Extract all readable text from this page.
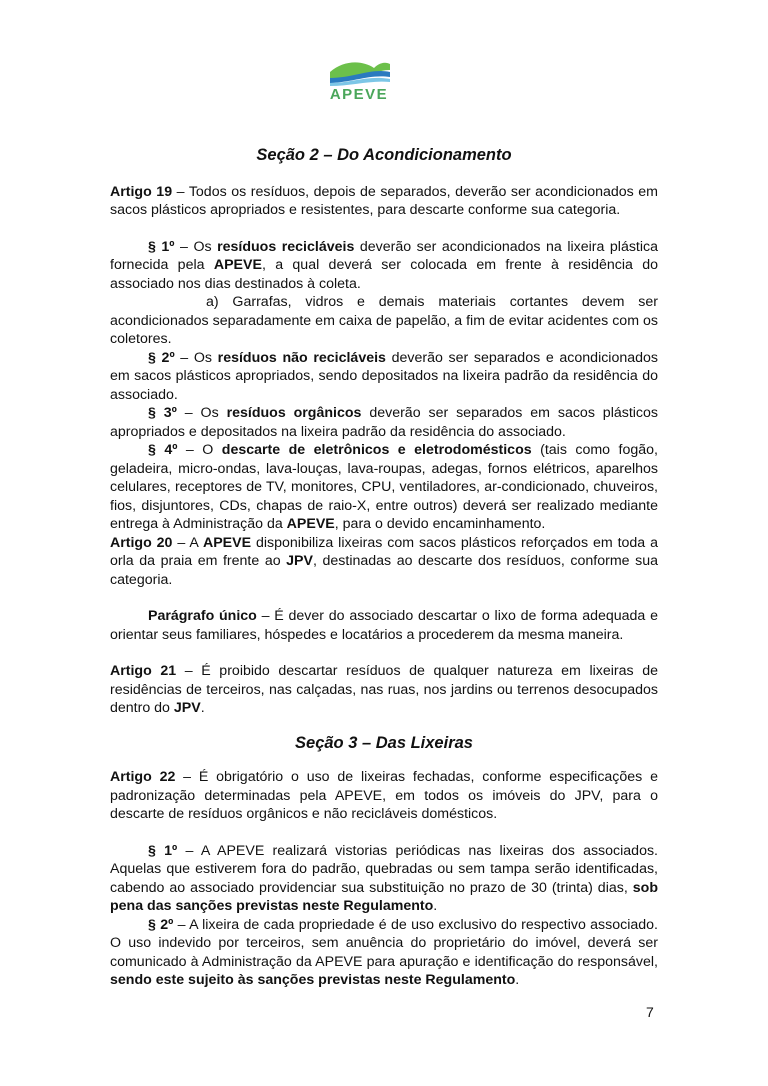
APEVE
Seção 2 – Do Acondicionamento

Artigo 19 – Todos os resíduos, depois de separados, deverão ser acondicionados em sacos plásticos apropriados e resistentes, para descarte conforme sua categoria.

§ 1º – Os resíduos recicláveis deverão ser acondicionados na lixeira plástica fornecida pela APEVE, a qual deverá ser colocada em frente à residência do associado nos dias destinados à coleta.

a) Garrafas, vidros e demais materiais cortantes devem ser acondicionados separadamente em caixa de papelão, a fim de evitar acidentes com os coletores.

§ 2º – Os resíduos não recicláveis deverão ser separados e acondicionados em sacos plásticos apropriados, sendo depositados na lixeira padrão da residência do associado.

§ 3º – Os resíduos orgânicos deverão ser separados em sacos plásticos apropriados e depositados na lixeira padrão da residência do associado.

§ 4º – O descarte de eletrônicos e eletrodomésticos (tais como fogão, geladeira, micro-ondas, lava-louças, lava-roupas, adegas, fornos elétricos, aparelhos celulares, receptores de TV, monitores, CPU, ventiladores, ar-condicionado, chuveiros, fios, disjuntores, CDs, chapas de raio-X, entre outros) deverá ser realizado mediante entrega à Administração da APEVE, para o devido encaminhamento.

Artigo 20 – A APEVE disponibiliza lixeiras com sacos plásticos reforçados em toda a orla da praia em frente ao JPV, destinadas ao descarte dos resíduos, conforme sua categoria.

Parágrafo único – É dever do associado descartar o lixo de forma adequada e orientar seus familiares, hóspedes e locatários a procederem da mesma maneira.

Artigo 21 – É proibido descartar resíduos de qualquer natureza em lixeiras de residências de terceiros, nas calçadas, nas ruas, nos jardins ou terrenos desocupados dentro do JPV.

Seção 3 – Das Lixeiras

Artigo 22 – É obrigatório o uso de lixeiras fechadas, conforme especificações e padronização determinadas pela APEVE, em todos os imóveis do JPV, para o descarte de resíduos orgânicos e não recicláveis domésticos.

§ 1º – A APEVE realizará vistorias periódicas nas lixeiras dos associados. Aquelas que estiverem fora do padrão, quebradas ou sem tampa serão identificadas, cabendo ao associado providenciar sua substituição no prazo de 30 (trinta) dias, sob pena das sanções previstas neste Regulamento.

§ 2º – A lixeira de cada propriedade é de uso exclusivo do respectivo associado. O uso indevido por terceiros, sem anuência do proprietário do imóvel, deverá ser comunicado à Administração da APEVE para apuração e identificação do responsável, sendo este sujeito às sanções previstas neste Regulamento.

7
